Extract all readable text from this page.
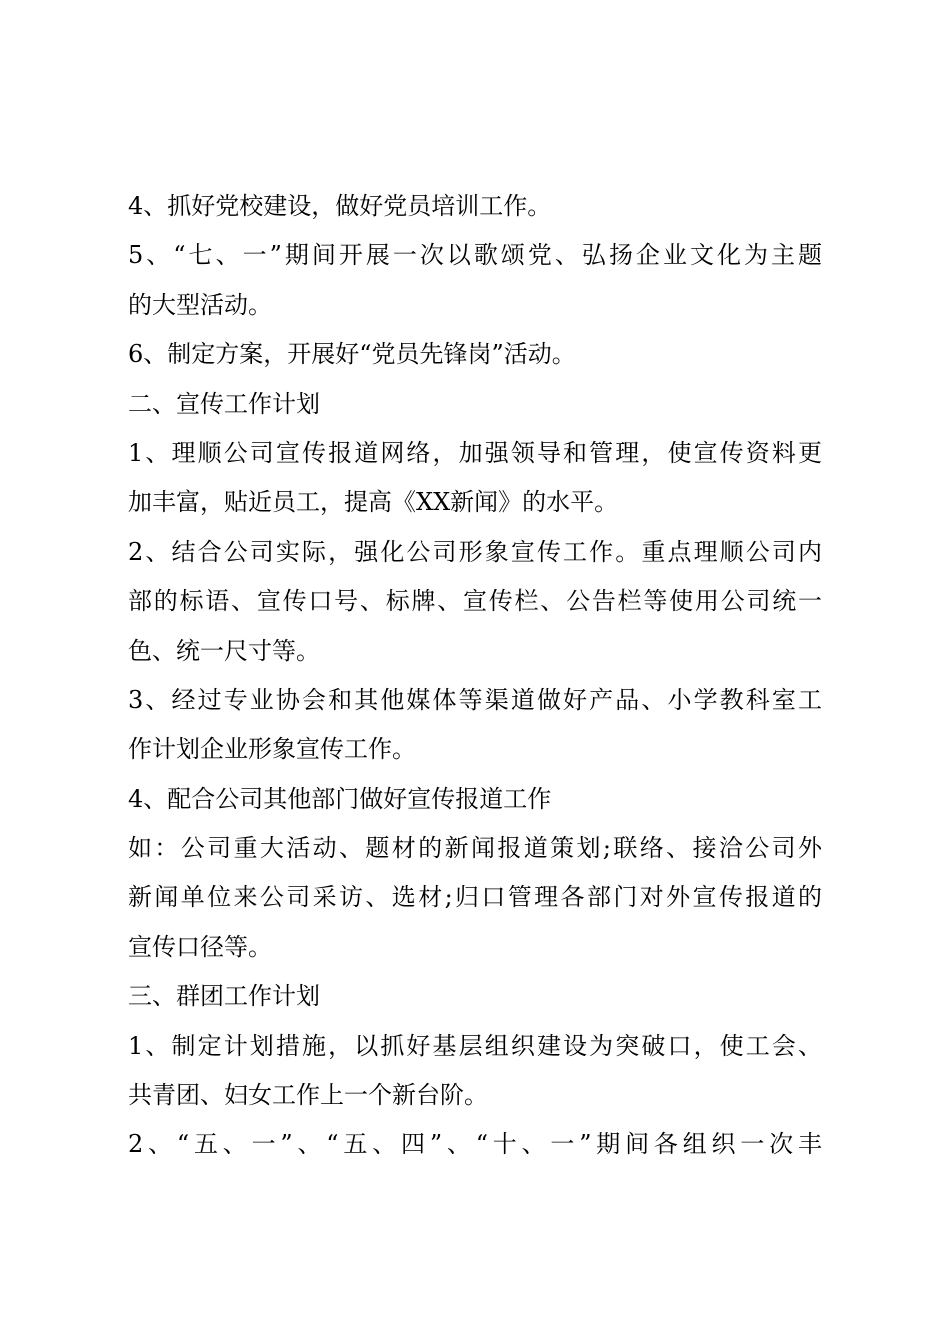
4、抓好党校建设，做好党员培训工作。
5、“七、一”期间开展一次以歌颂党、弘扬企业文化为主题
的大型活动。
6、制定方案，开展好“党员先锋岗”活动。
二、宣传工作计划
1、理顺公司宣传报道网络，加强领导和管理，使宣传资料更
加丰富，贴近员工，提高《XX新闻》的水平。
2、结合公司实际，强化公司形象宣传工作。重点理顺公司内
部的标语、宣传口号、标牌、宣传栏、公告栏等使用公司统一
色、统一尺寸等。
3、经过专业协会和其他媒体等渠道做好产品、小学教科室工
作计划企业形象宣传工作。
4、配合公司其他部门做好宣传报道工作
如：公司重大活动、题材的新闻报道策划;联络、接洽公司外
新闻单位来公司采访、选材;归口管理各部门对外宣传报道的
宣传口径等。
三、群团工作计划
1、制定计划措施，以抓好基层组织建设为突破口，使工会、
共青团、妇女工作上一个新台阶。
2、“五、一”、“五、四”、“十、一”期间各组织一次丰
